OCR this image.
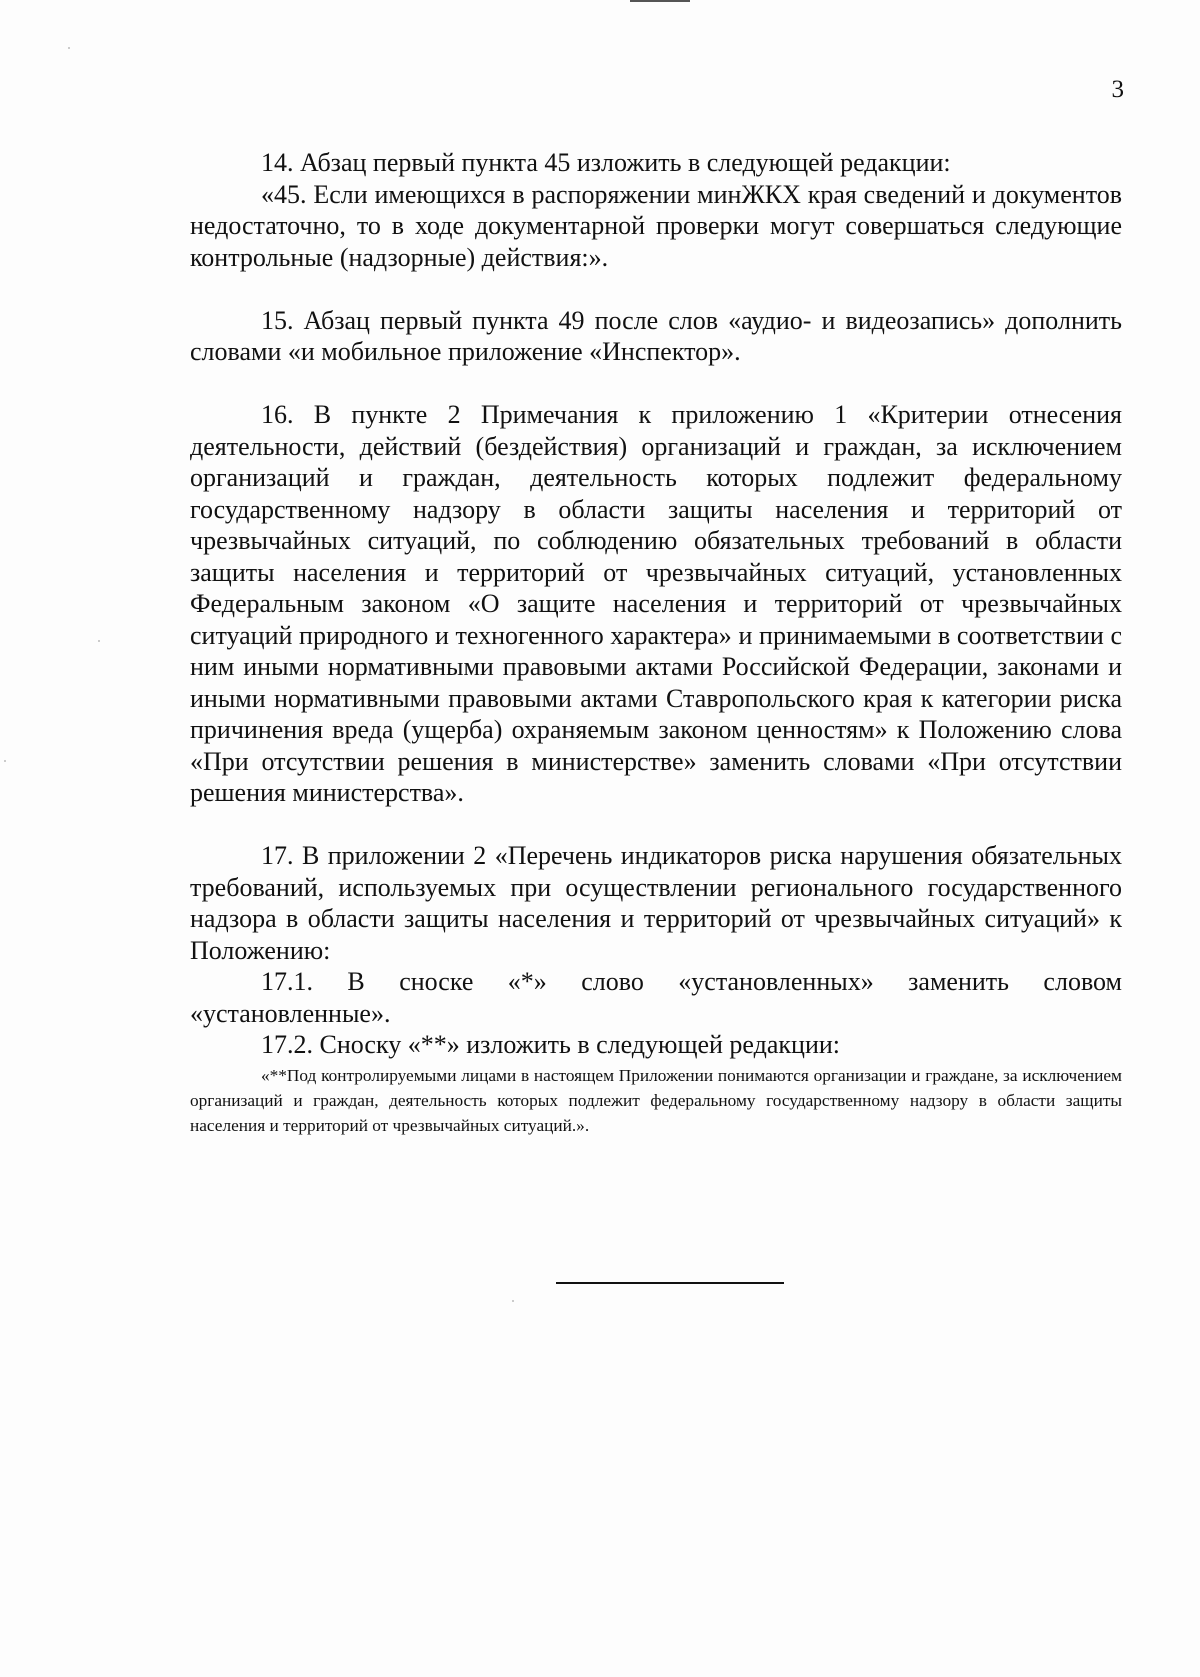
3

14. Абзац первый пункта 45 изложить в следующей редакции:

«45. Если имеющихся в распоряжении минЖКХ края сведений и документов недостаточно, то в ходе документарной проверки могут совершаться следующие контрольные (надзорные) действия:».

15. Абзац первый пункта 49 после слов «аудио- и видеозапись» дополнить словами «и мобильное приложение «Инспектор».

16. В пункте 2 Примечания к приложению 1 «Критерии отнесения деятельности, действий (бездействия) организаций и граждан, за исключением организаций и граждан, деятельность которых подлежит федеральному государственному надзору в области защиты населения и территорий от чрезвычайных ситуаций, по соблюдению обязательных требований в области защиты населения и территорий от чрезвычайных ситуаций, установленных Федеральным законом «О защите населения и территорий от чрезвычайных ситуаций природного и техногенного характера» и принимаемыми в соответствии с ним иными нормативными правовыми актами Российской Федерации, законами и иными нормативными правовыми актами Ставропольского края к категории риска причинения вреда (ущерба) охраняемым законом ценностям» к Положению слова «При отсутствии решения в министерстве» заменить словами «При отсутствии решения министерства».

17. В приложении 2 «Перечень индикаторов риска нарушения обязательных требований, используемых при осуществлении регионального государственного надзора в области защиты населения и территорий от чрезвычайных ситуаций» к Положению:

17.1. В сноске «*» слово «установленных» заменить словом «установленные».

17.2. Сноску «**» изложить в следующей редакции:

«**Под контролируемыми лицами в настоящем Приложении понимаются организации и граждане, за исключением организаций и граждан, деятельность которых подлежит федеральному государственному надзору в области защиты населения и территорий от чрезвычайных ситуаций.».
